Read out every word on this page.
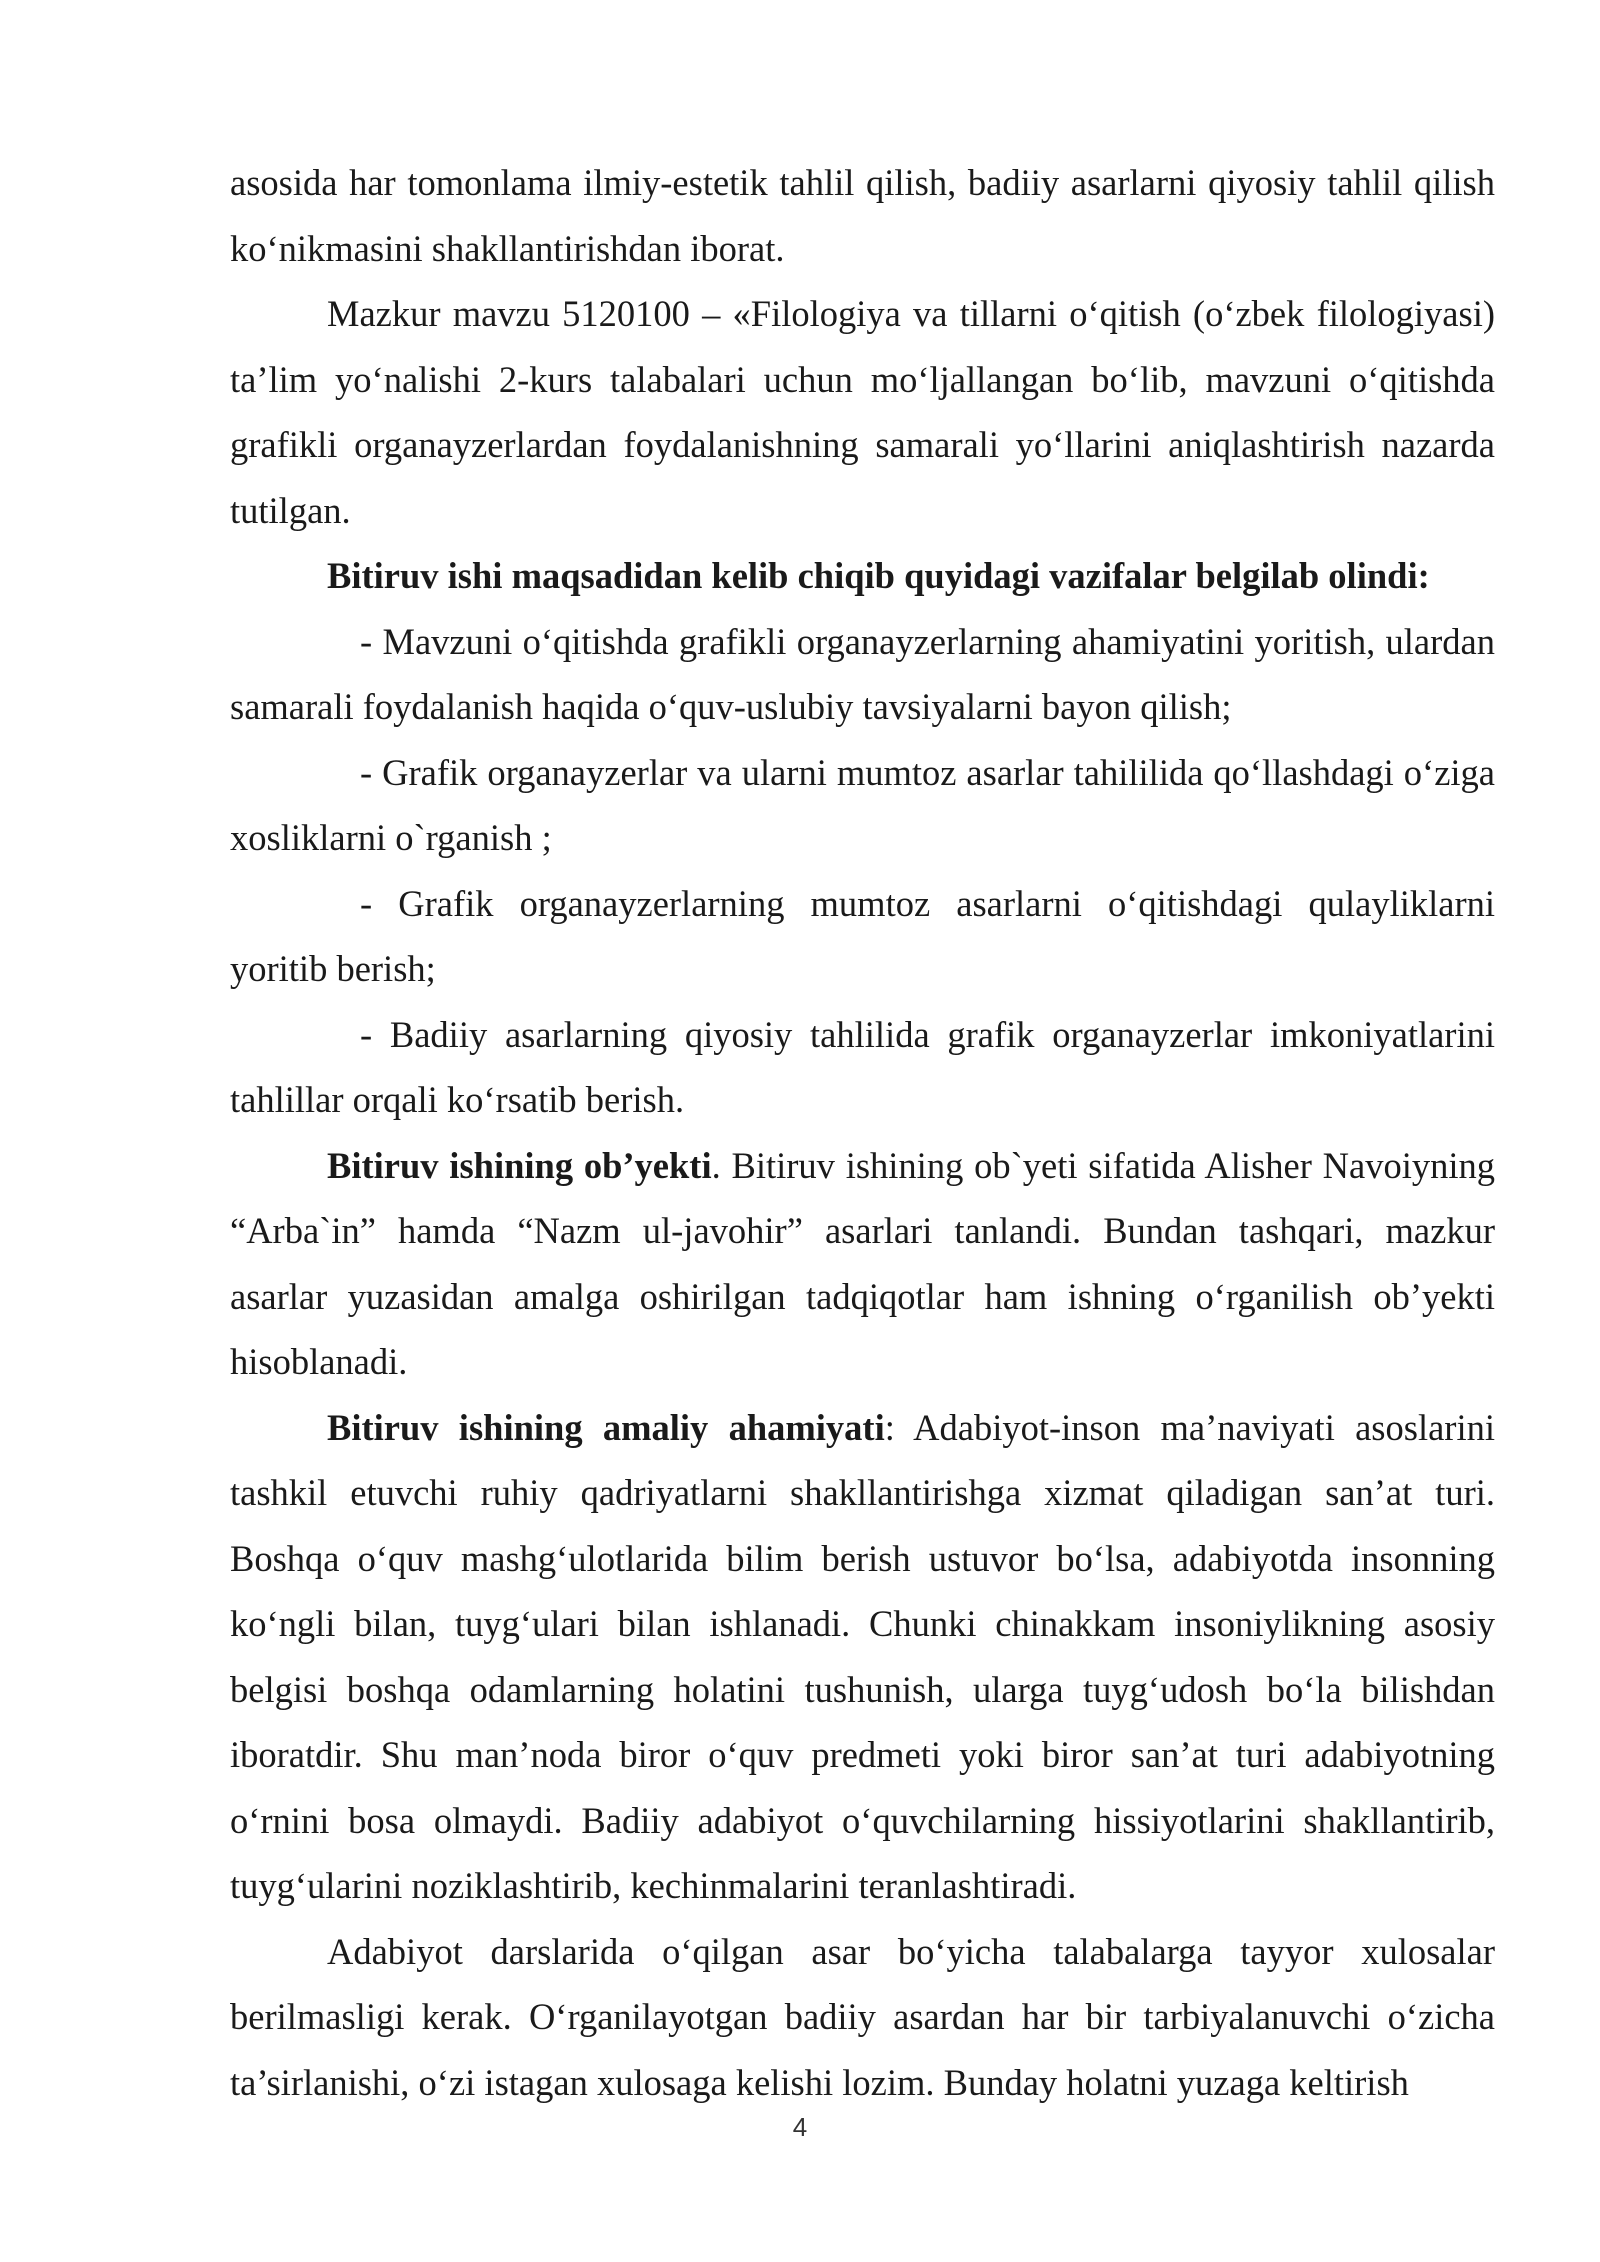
asosida har tomonlama ilmiy-estetik tahlil qilish, badiiy asarlarni qiyosiy tahlil qilish ko‘nikmasini shakllantirishdan iborat.

Mazkur mavzu 5120100 – «Filologiya va tillarni o‘qitish (o‘zbek filologiyasi) ta’lim yo‘nalishi 2-kurs talabalari uchun mo‘ljallangan bo‘lib, mavzuni o‘qitishda grafikli organayzerlardan foydalanishning samarali yo‘llarini aniqlashtirish nazarda tutilgan.

Bitiruv ishi maqsadidan kelib chiqib quyidagi vazifalar belgilab olindi:

- Mavzuni o‘qitishda grafikli organayzerlarning ahamiyatini yoritish, ulardan samarali foydalanish haqida o‘quv-uslubiy tavsiyalarni bayon qilish;

- Grafik organayzerlar va ularni mumtoz asarlar tahililida qo‘llashdagi o‘ziga xosliklarni o`rganish ;

- Grafik organayzerlarning mumtoz asarlarni o‘qitishdagi qulayliklarni yoritib berish;

- Badiiy asarlarning qiyosiy tahlilida grafik organayzerlar imkoniyatlarini tahlillar orqali ko‘rsatib berish.

Bitiruv ishining ob’yekti. Bitiruv ishining ob`yeti sifatida Alisher Navoiyning “Arba`in” hamda “Nazm ul-javohir” asarlari tanlandi. Bundan tashqari, mazkur asarlar yuzasidan amalga oshirilgan tadqiqotlar ham ishning o‘rganilish ob’yekti hisoblanadi.

Bitiruv ishining amaliy ahamiyati: Adabiyot-inson ma’naviyati asoslarini tashkil etuvchi ruhiy qadriyatlarni shakllantirishga xizmat qiladigan san’at turi. Boshqa o‘quv mashg‘ulotlarida bilim berish ustuvor bo‘lsa, adabiyotda insonning ko‘ngli bilan, tuyg‘ulari bilan ishlanadi. Chunki chinakkam insoniylikning asosiy belgisi boshqa odamlarning holatini tushunish, ularga tuyg‘udosh bo‘la bilishdan iboratdir. Shu man’noda biror o‘quv predmeti yoki biror san’at turi adabiyotning o‘rnini bosa olmaydi. Badiiy adabiyot o‘quvchilarning hissiyotlarini shakllantirib, tuyg‘ularini noziklashtirib, kechinmalarini teranlashtiradi.

Adabiyot darslarida o‘qilgan asar bo‘yicha talabalarga tayyor xulosalar berilmasligi kerak. O‘rganilayotgan badiiy asardan har bir tarbiyalanuvchi o‘zicha ta’sirlanishi, o‘zi istagan xulosaga kelishi lozim. Bunday holatni yuzaga keltirish

4
